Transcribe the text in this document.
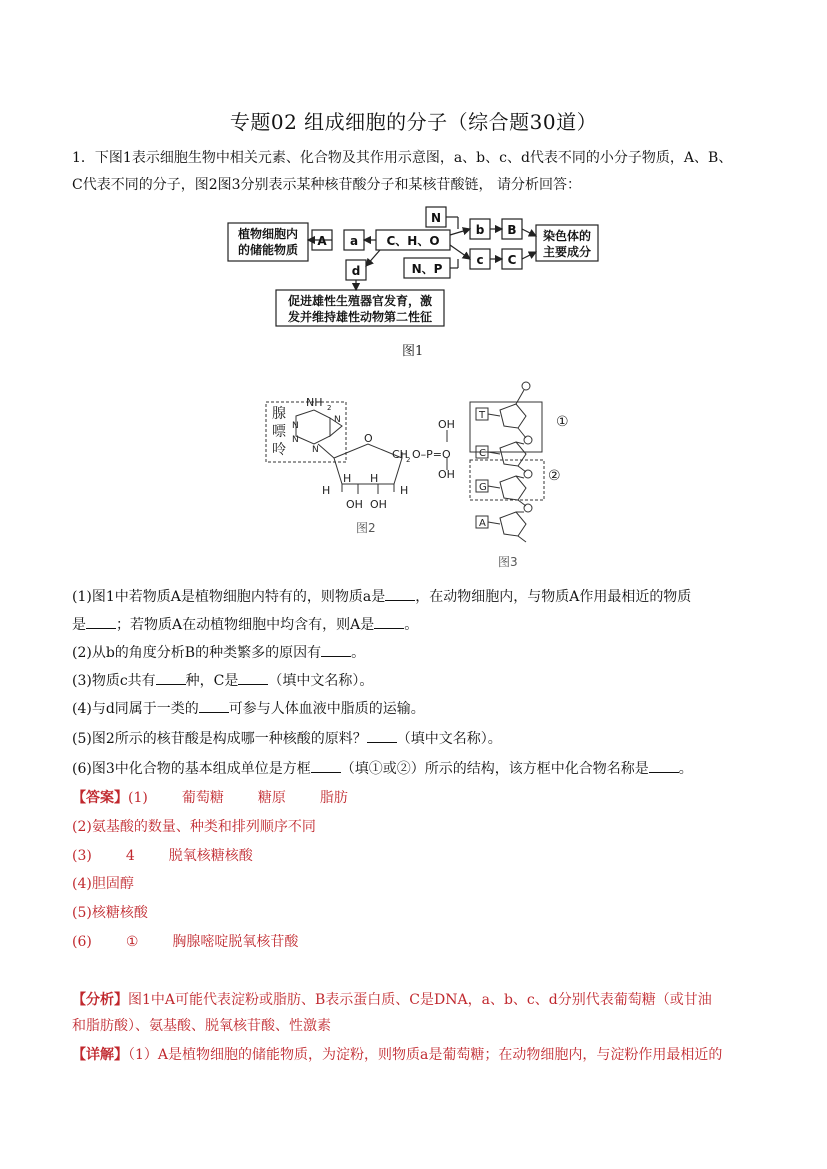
专题02 组成细胞的分子（综合题30道）
1．下图1表示细胞生物中相关元素、化合物及其作用示意图，a、b、c、d代表不同的小分子物质，A、B、
C代表不同的分子，图2图3分别表示某种核苷酸分子和某核苷酸链， 请分析回答：
植物细胞内
的储能物质
A a C、H、O
N
b B 染色体的
主要成分
N、P
c C
d
促进雄性生殖器官发育，激
发并维持雄性动物第二性征
图1
腺
嘌
呤
NH 2
N
N
N
N
O
H
H H
H
OH OH
CH
2 O–P=O
OH
OH
图2
T
C
G
A
①
②
图3
(1)图1中若物质A是植物细胞内特有的，则物质a是 ，在动物细胞内，与物质A作用最相近的物质
是 ；若物质A在动植物细胞中均含有，则A是 。
(2)从b的角度分析B的种类繁多的原因有 。
(3)物质c共有 种，C是 （填中文名称）。
(4)与d同属于一类的 可参与人体血液中脂质的运输。
(5)图2所示的核苷酸是构成哪一种核酸的原料？ （填中文名称）。
(6)图3中化合物的基本组成单位是方框 （填①或②）所示的结构，该方框中化合物名称是 。
【答案】(1) 葡萄糖 糖原 脂肪
(2)氨基酸的数量、种类和排列顺序不同
(3) 4 脱氧核糖核酸
(4)胆固醇
(5)核糖核酸
(6) ① 胸腺嘧啶脱氧核苷酸
【分析】图1中A可能代表淀粉或脂肪、B表示蛋白质、C是DNA，a、b、c、d分别代表葡萄糖（或甘油
和脂肪酸）、氨基酸、脱氧核苷酸、性激素
【详解】（1）A是植物细胞的储能物质，为淀粉，则物质a是葡萄糖；在动物细胞内，与淀粉作用最相近的
